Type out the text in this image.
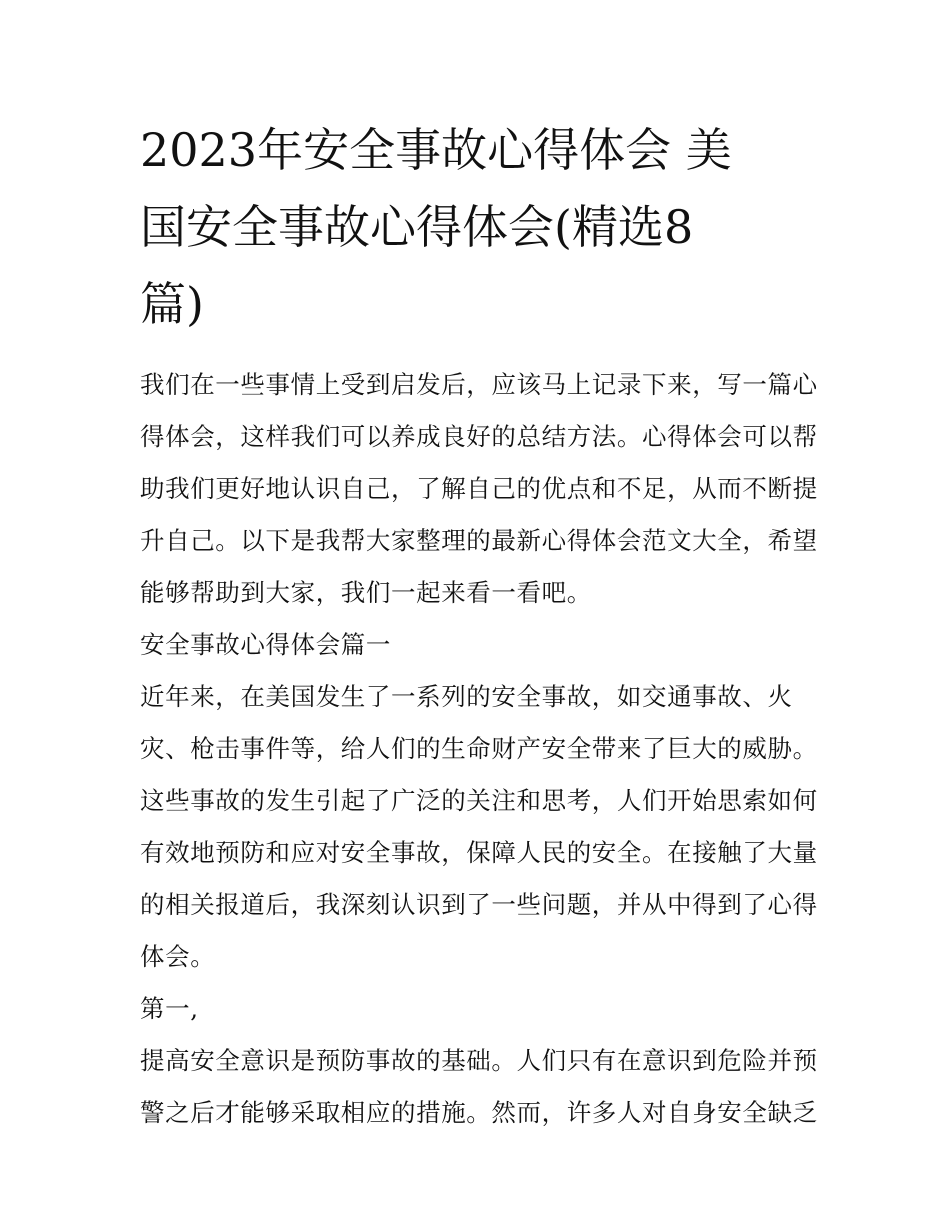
2023年安全事故心得体会 美
国安全事故心得体会(精选8
篇)
我们在一些事情上受到启发后，应该马上记录下来，写一篇心
得体会，这样我们可以养成良好的总结方法。心得体会可以帮
助我们更好地认识自己，了解自己的优点和不足，从而不断提
升自己。以下是我帮大家整理的最新心得体会范文大全，希望
能够帮助到大家，我们一起来看一看吧。
安全事故心得体会篇一
近年来，在美国发生了一系列的安全事故，如交通事故、火
灾、枪击事件等，给人们的生命财产安全带来了巨大的威胁。
这些事故的发生引起了广泛的关注和思考，人们开始思索如何
有效地预防和应对安全事故，保障人民的安全。在接触了大量
的相关报道后，我深刻认识到了一些问题，并从中得到了心得
体会。
第一,
提高安全意识是预防事故的基础。人们只有在意识到危险并预
警之后才能够采取相应的措施。然而，许多人对自身安全缺乏
